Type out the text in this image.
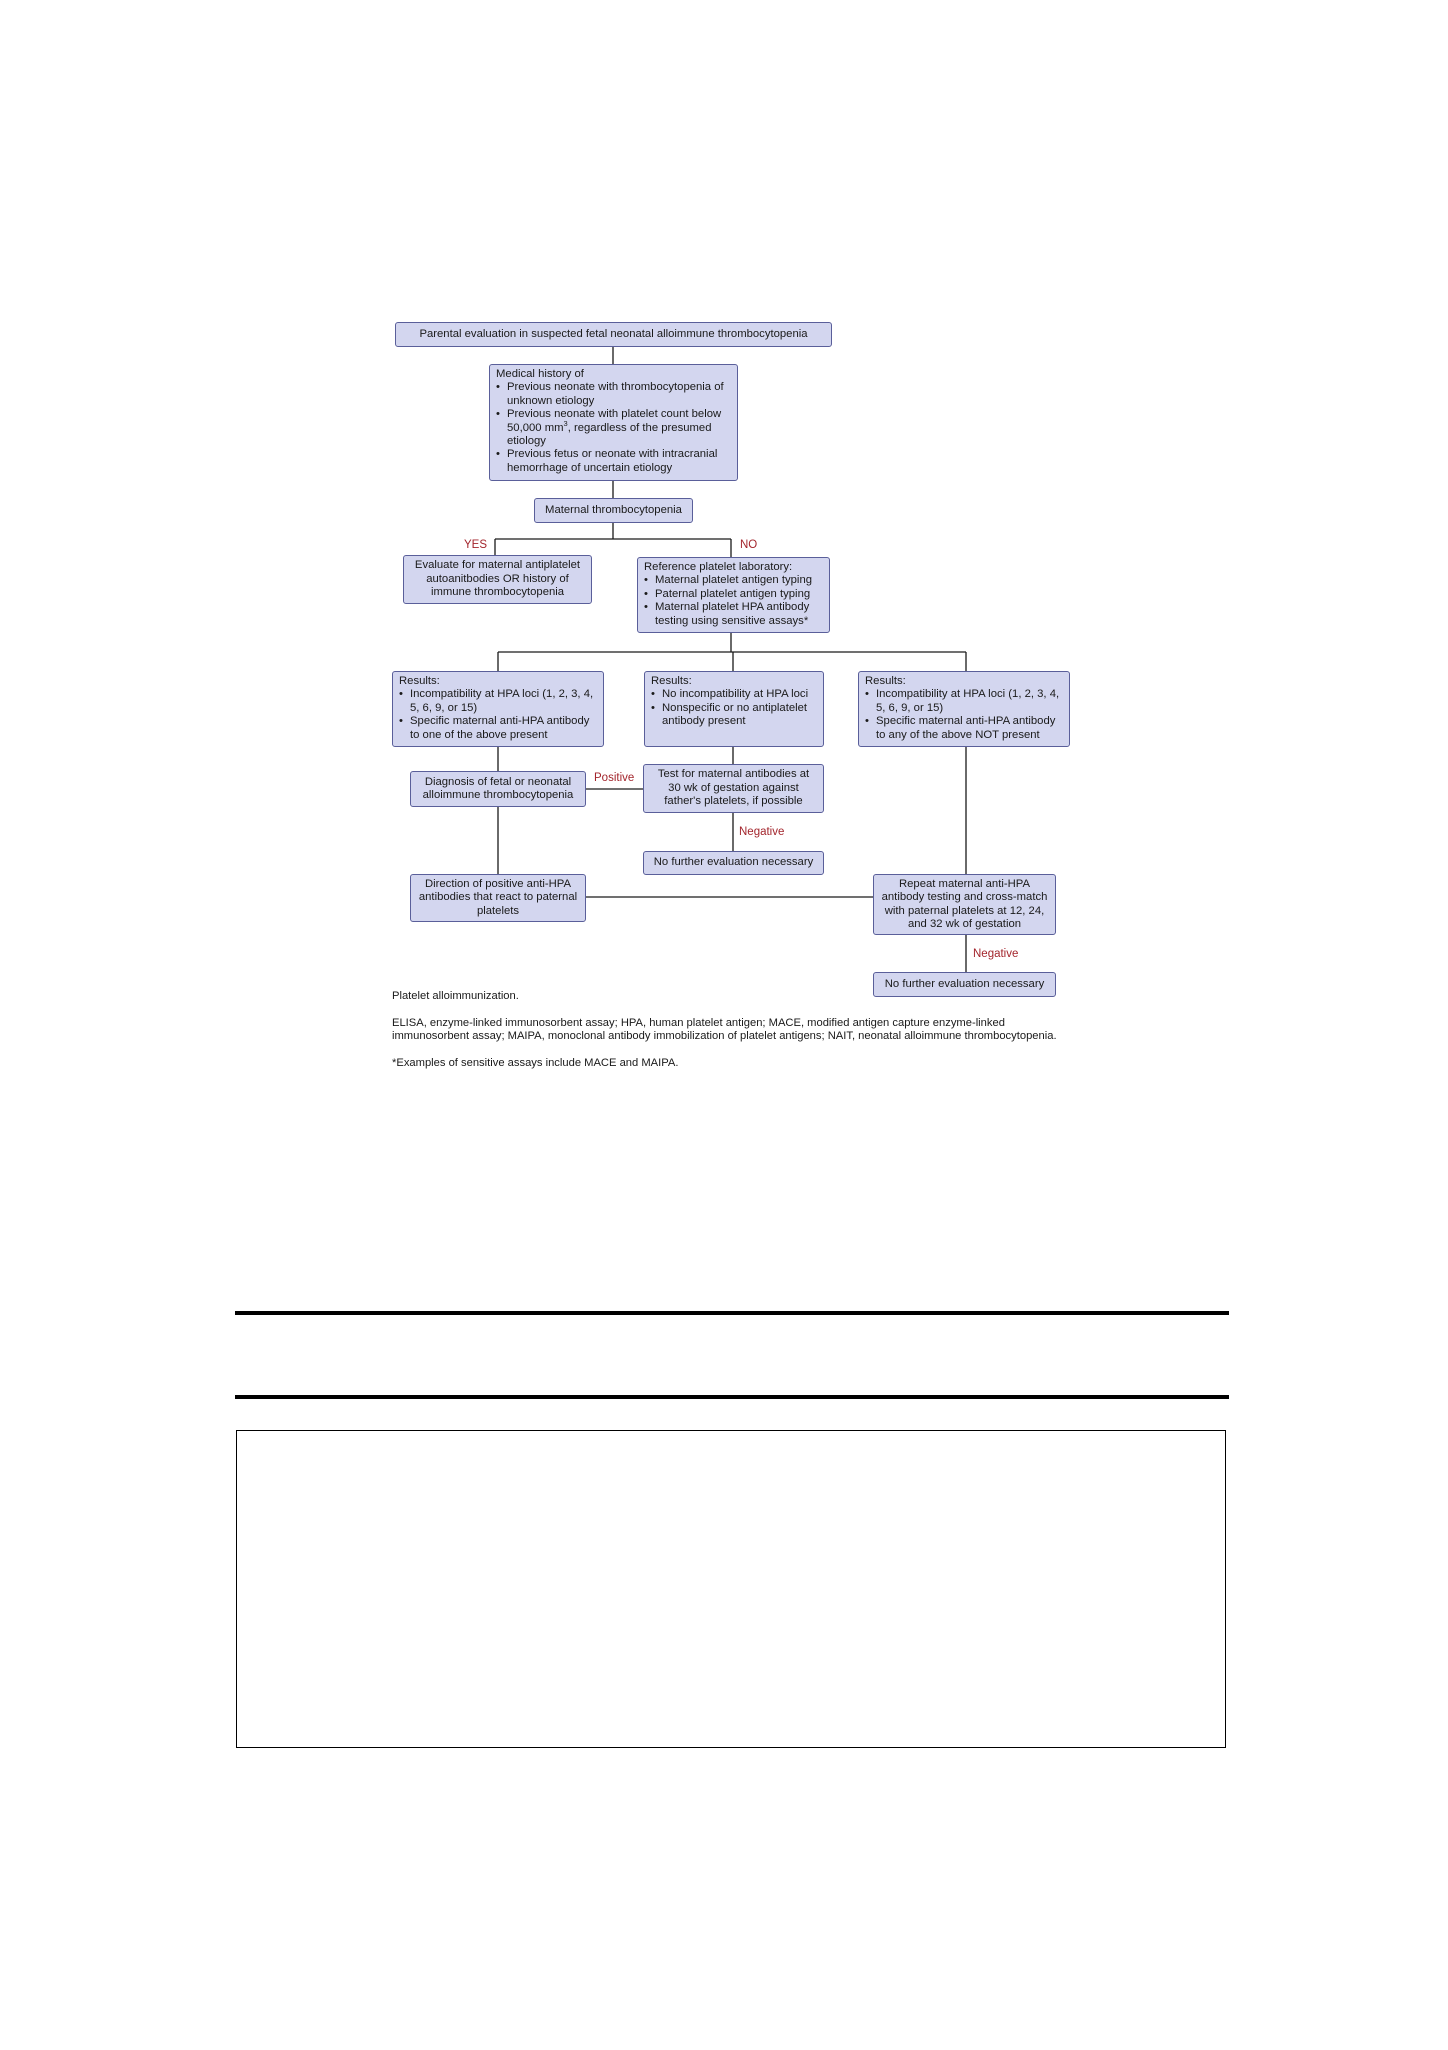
Parental evaluation in suspected fetal neonatal alloimmune thrombocytopenia
Medical history of
• Previous neonate with thrombocytopenia of unknown etiology
• Previous neonate with platelet count below 50,000 $mm^3$, regardless of the presumed etiology
• Previous fetus or neonate with intracranial hemorrhage of uncertain etiology
Maternal thrombocytopenia
YES	NO
Evaluate for maternal antiplatelet autoanitbodies OR history of immune thrombocytopenia
Reference platelet laboratory:
• Maternal platelet antigen typing
• Paternal platelet antigen typing
• Maternal platelet HPA antibody testing using sensitive assays*
Results:
• Incompatibility at HPA loci (1, 2, 3, 4, 5, 6, 9, or 15)
• Specific maternal anti-HPA antibody to one of the above present
Results:
• No incompatibility at HPA loci
• Nonspecific or no antiplatelet antibody present
Results:
• Incompatibility at HPA loci (1, 2, 3, 4, 5, 6, 9, or 15)
• Specific maternal anti-HPA antibody to any of the above NOT present
Diagnosis of fetal or neonatal alloimmune thrombocytopenia
Positive	Test for maternal antibodies at 30 wk of gestation against father's platelets, if possible
Negative
No further evaluation necessary
Direction of positive anti-HPA antibodies that react to paternal platelets
Repeat maternal anti-HPA antibody testing and cross-match with paternal platelets at 12, 24, and 32 wk of gestation
Negative
No further evaluation necessary

Platelet alloimmunization.

ELISA, enzyme-linked immunosorbent assay; HPA, human platelet antigen; MACE, modified antigen capture enzyme-linked immunosorbent assay; MAIPA, monoclonal antibody immobilization of platelet antigens; NAIT, neonatal alloimmune thrombocytopenia.

*Examples of sensitive assays include MACE and MAIPA.
